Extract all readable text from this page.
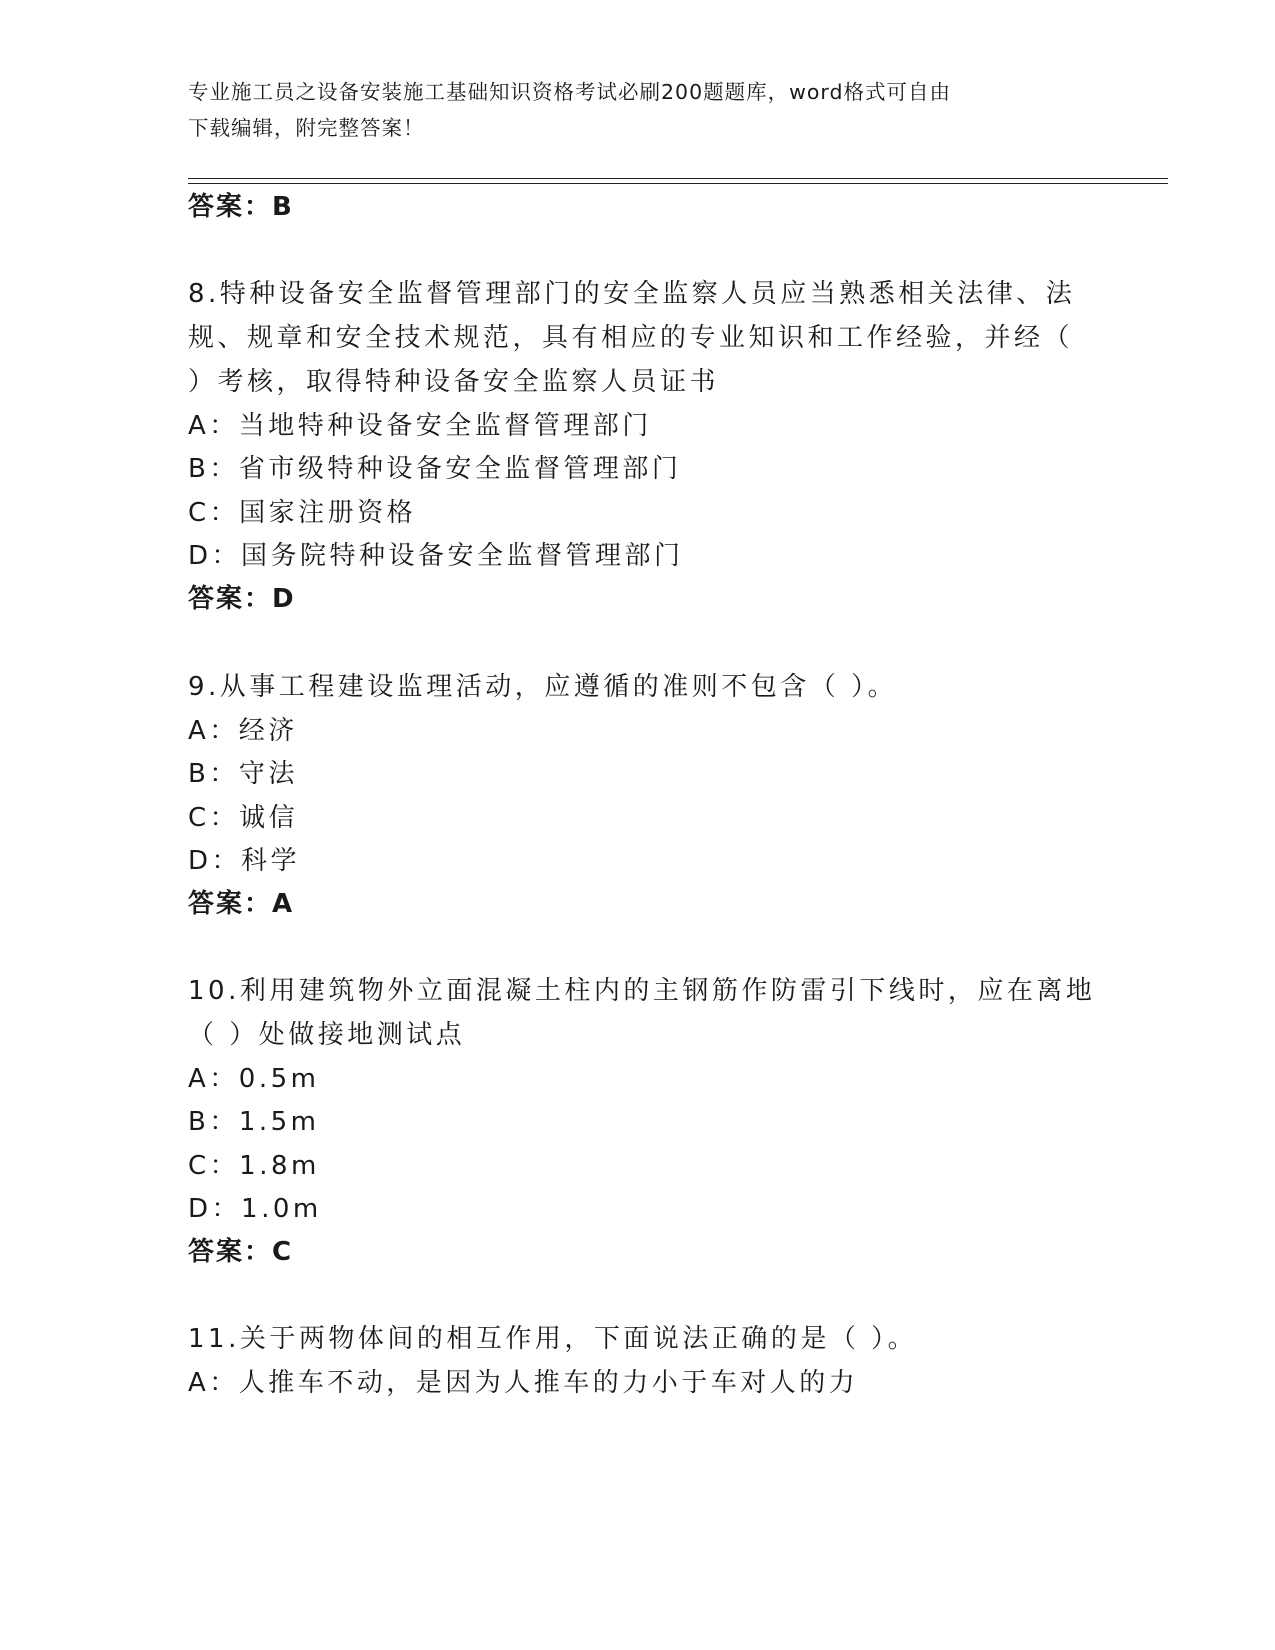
专业施工员之设备安装施工基础知识资格考试必刷200题题库，word格式可自由
下载编辑，附完整答案！
答案：B
8.特种设备安全监督管理部门的安全监察人员应当熟悉相关法律、法
规、规章和安全技术规范，具有相应的专业知识和工作经验，并经（
）考核，取得特种设备安全监察人员证书
A：当地特种设备安全监督管理部门
B：省市级特种设备安全监督管理部门
C：国家注册资格
D：国务院特种设备安全监督管理部门
答案：D
9.从事工程建设监理活动，应遵循的准则不包含（ ）。
A：经济
B：守法
C：诚信
D：科学
答案：A
10.利用建筑物外立面混凝土柱内的主钢筋作防雷引下线时，应在离地
（ ）处做接地测试点
A：0.5m
B：1.5m
C：1.8m
D：1.0m
答案：C
11.关于两物体间的相互作用，下面说法正确的是（ ）。
A：人推车不动，是因为人推车的力小于车对人的力
